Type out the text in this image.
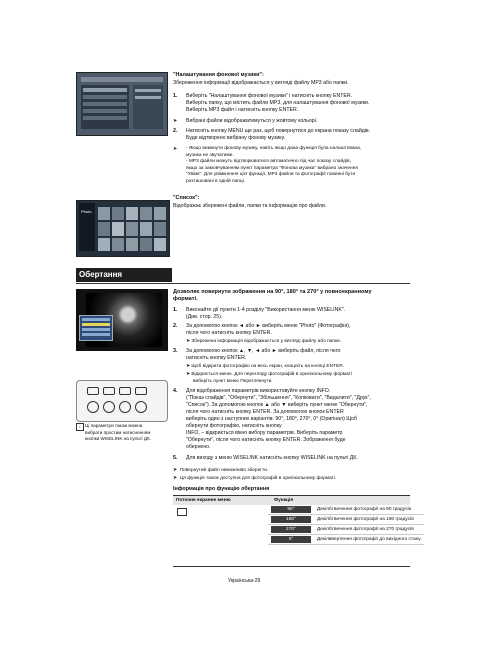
"Налаштування фонової музики":
Збереження інформації відображається у вигляді файлу MP3 або папки.
1. Виберіть "Налаштування фонової музики" і натисніть кнопку ENTER.
Виберіть папку, що містить файли MP3, для налаштування фонової музики.
Виберіть MP3 файл і натисніть кнопку ENTER.
➤ Вибрані файли відображатимуться у жовтому кольорі.
2. Натисніть кнопку MENU ще раз, щоб повернутися до екрана показу слайдів.
Буде відтворено вибрану фонову музику.
➤ - Якщо вимкнути фонову музику, навіть якщо дана функція була налаштована,
музика не звучатиме.
- MP3 файли можуть відтворюватися автоматично під час показу слайдів,
якщо за замовчуванням пункт параметра "Фонова музика" вибрано значення
"Увімк". Для увімкнення цієї функції, MP3 файли та фотографії повинні бути
розташовані в одній папці.
"Список":
Відображає збережені файли, папки та інформацію про файли.
Photo
Обертання
i Ці параметри також можна
вибрати простим натисненням
кнопки WISELINK на пульті ДК.
Дозволяє повернути зображення на 90°, 180° та 270° у повноекранному
форматі.
1. Виконайте дії пункти 1-4 розділу "Використання меню WISELINK".
(Див. стор. 25).
2. За допомогою кнопок ◄ або ► виберіть меню "Photo" (Фотографія),
після чого натисніть кнопку ENTER.
➤ Збережена інформація відображається у вигляді файлу або папки.
3. За допомогою кнопок ▲, ▼, ◄ або ► виберіть файл, після чого
натисніть кнопку ENTER.
➤ Щоб відкрити фотографію на весь екран, клацніть на кнопці ENTER.
➤ Відкриється меню. Для перегляду фотографій в оригінальному форматі
виберіть пункт меню Перегляннути.
4. Для відображення параметрів використовуйте кнопку INFO.
("Показ слайдів", "Обернути", "Збільшення", "Копіювати", "Видалити", "Друк",
"Список"). За допомогою кнопок ▲ або ▼ виберіть пункт меню "Обернути",
після чого натисніть кнопку ENTER. За допомогою кнопок ENTER
виберіть один з наступних варіантів: 90°, 180°, 270°, 0° (Оригінал) Щоб
обернути фотографію, натисніть кнопку
INFO, – відкриється вікно вибору параметрів. Виберіть параметр
"Обернути", після чого натисніть кнопку ENTER. Зображення буде
обернено.
5. Для виходу з меню WISELINK натисніть кнопку WISELINK на пульті ДК.
➤  Повернутий файл неможливо зберегти.
➤  Ця функція також доступна для фотографій в оригінальному форматі.
Інформація про функцію обертання
Поточне екранне меню	Функція
90°	Декілбтвичення фотографії на 90 градусів
180°	Декілбтвичення фотографії на 180 градусів
270°	Декілбтвичення фотографії на 270 градусів
0°	Декілввертення фотографії до вихідного стану
Українська-29
